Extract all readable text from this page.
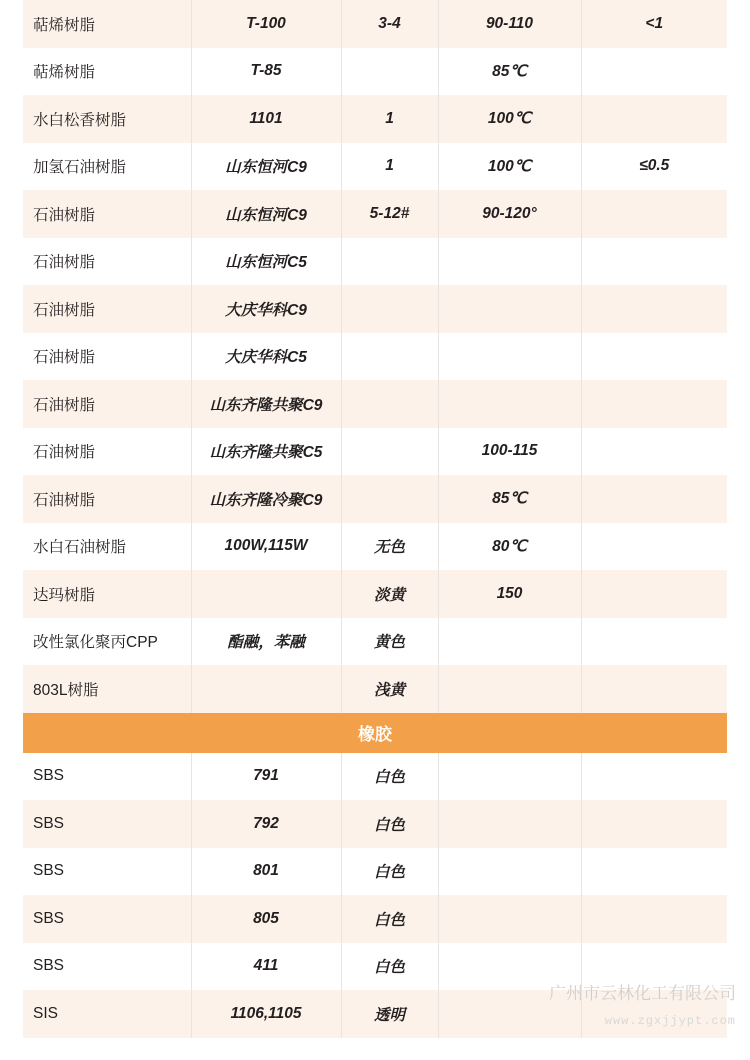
萜烯树脂	T-100	3-4	90-110	<1
萜烯树脂	T-85		85℃	
水白松香树脂	1101	1	100℃	
加氢石油树脂	山东恒河C9	1	100℃	≤0.5
石油树脂	山东恒河C9	5-12#	90-120°	
石油树脂	山东恒河C5			
石油树脂	大庆华科C9			
石油树脂	大庆华科C5			
石油树脂	山东齐隆共聚C9			
石油树脂	山东齐隆共聚C5		100-115	
石油树脂	山东齐隆冷聚C9		85℃	
水白石油树脂	100W,115W	无色	80℃	
达玛树脂		淡黄	150	
改性氯化聚丙CPP	酯融，苯融	黄色		
803L树脂		浅黄		
橡胶				
SBS	791	白色		
SBS	792	白色		
SBS	801	白色		
SBS	805	白色		
SBS	411	白色		
SIS	1106,1105	透明		
广州市云林化工有限公司
www.zgxjjypt.com
